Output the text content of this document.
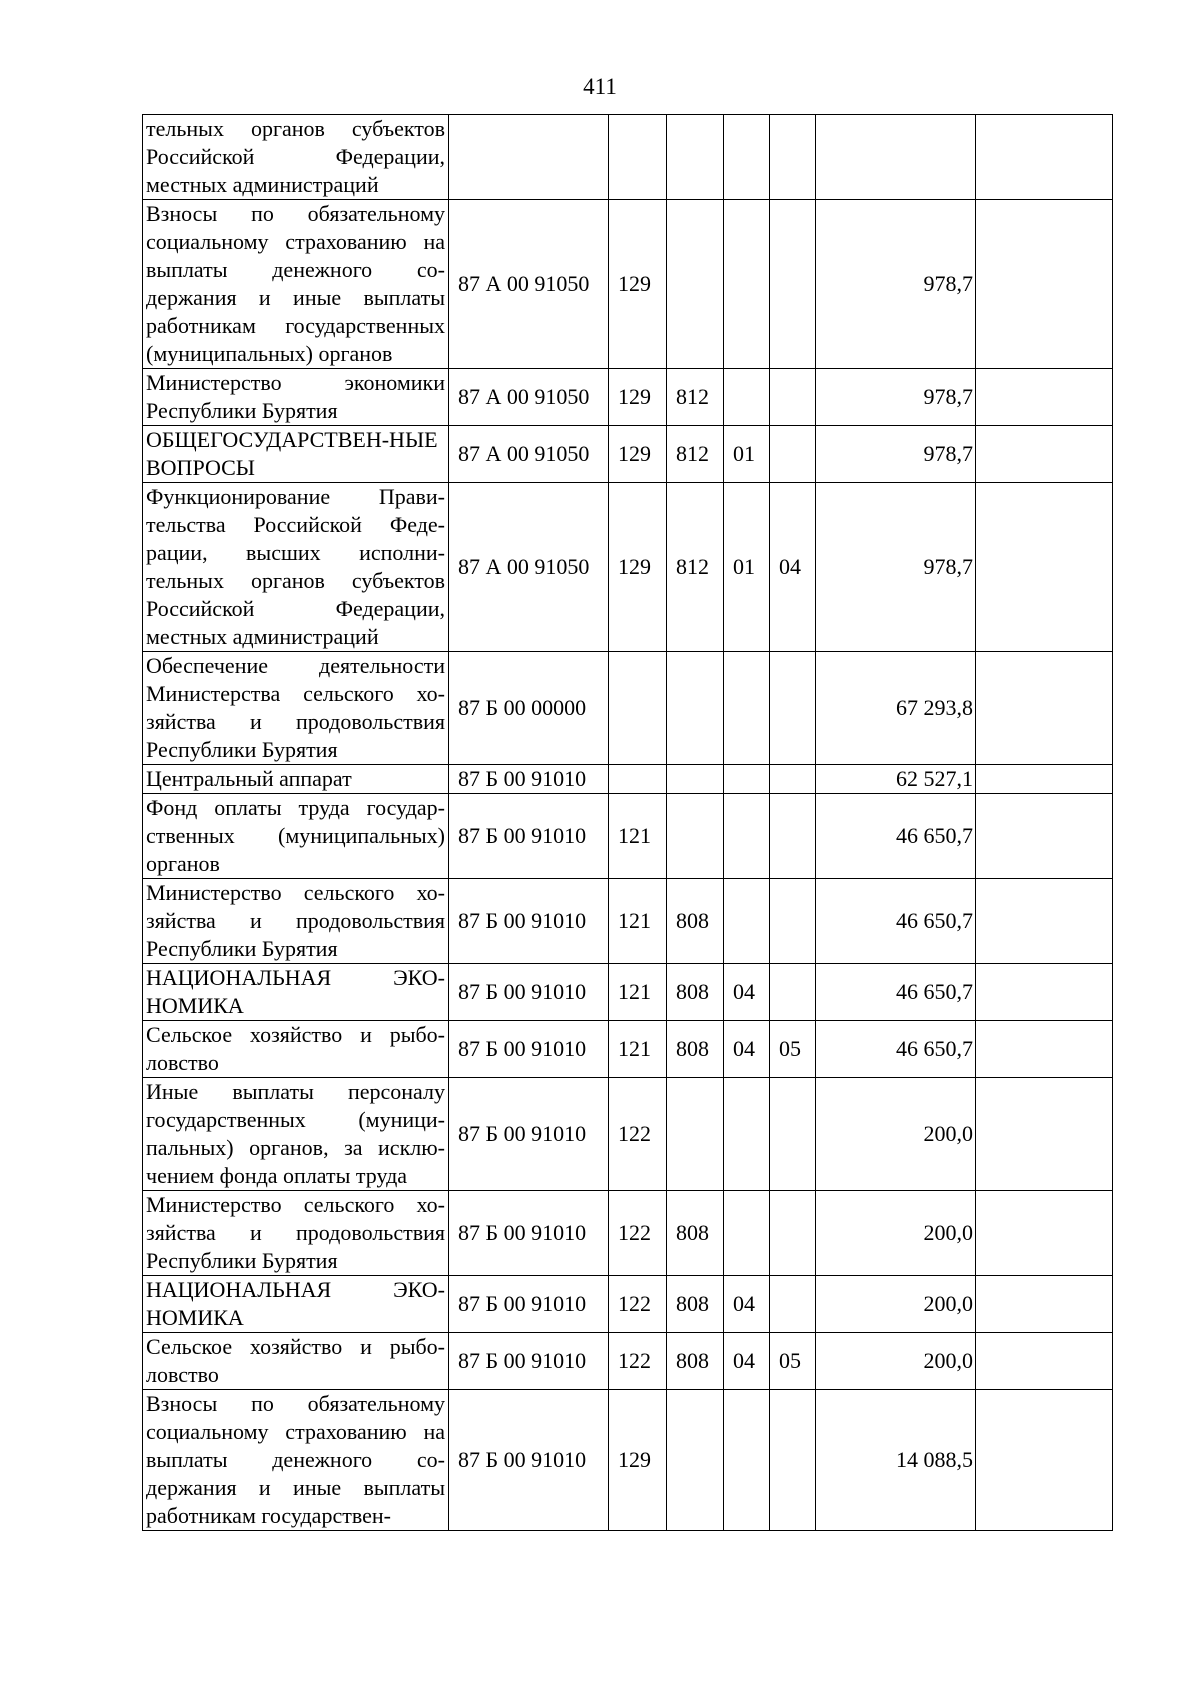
411
тельных органов субъектов Российской Федерации, местных администраций							
Взносы по обязательному социальному страхованию на выплаты денежного содержания и иные выплаты работникам государственных (муниципальных) органов	87 А 00 91050	129				978,7	
Министерство экономики Республики Бурятия	87 А 00 91050	129	812			978,7	
ОБЩЕГОСУДАРСТВЕН-НЫЕ ВОПРОСЫ	87 А 00 91050	129	812	01		978,7	
Функционирование Правительства Российской Федерации, высших исполнительных органов субъектов Российской Федерации, местных администраций	87 А 00 91050	129	812	01	04	978,7	
Обеспечение деятельности Министерства сельского хозяйства и продовольствия Республики Бурятия	87 Б 00 00000					67 293,8	
Центральный аппарат	87 Б 00 91010					62 527,1	
Фонд оплаты труда государственных (муниципальных) органов	87 Б 00 91010	121				46 650,7	
Министерство сельского хозяйства и продовольствия Республики Бурятия	87 Б 00 91010	121	808			46 650,7	
НАЦИОНАЛЬНАЯ ЭКОНОМИКА	87 Б 00 91010	121	808	04		46 650,7	
Сельское хозяйство и рыболовство	87 Б 00 91010	121	808	04	05	46 650,7	
Иные выплаты персоналу государственных (муниципальных) органов, за исключением фонда оплаты труда	87 Б 00 91010	122				200,0	
Министерство сельского хозяйства и продовольствия Республики Бурятия	87 Б 00 91010	122	808			200,0	
НАЦИОНАЛЬНАЯ ЭКОНОМИКА	87 Б 00 91010	122	808	04		200,0	
Сельское хозяйство и рыболовство	87 Б 00 91010	122	808	04	05	200,0	
Взносы по обязательному социальному страхованию на выплаты денежного содержания и иные выплаты работникам государствен-	87 Б 00 91010	129				14 088,5	
